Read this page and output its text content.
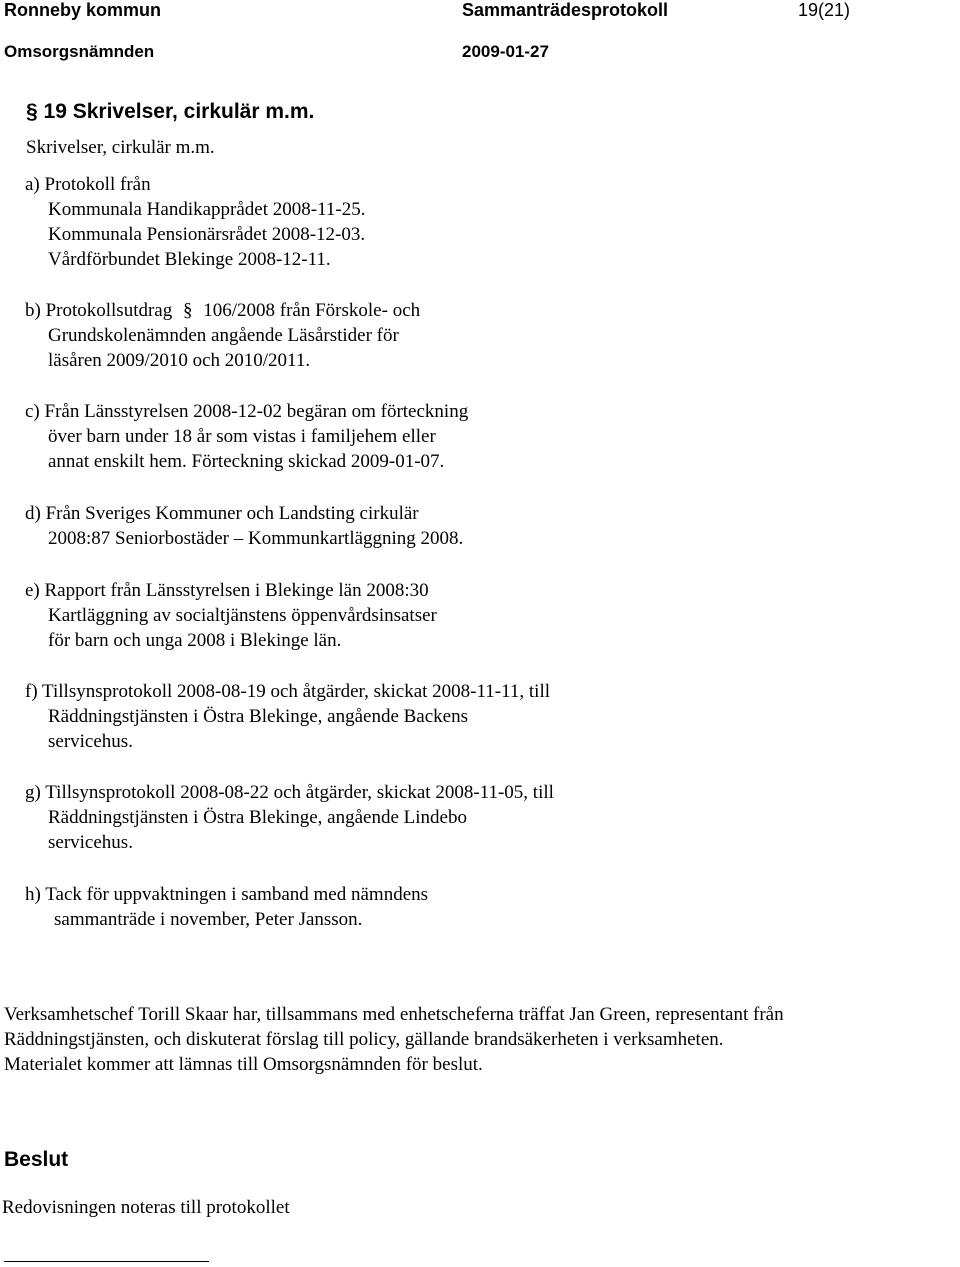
Ronneby kommun	Sammanträdesprotokoll	19(21)
Omsorgsnämnden	2009-01-27
§ 19 Skrivelser, cirkulär m.m.
Skrivelser, cirkulär m.m.
a) Protokoll från
Kommunala Handikapprådet 2008-11-25.
Kommunala Pensionärsrådet 2008-12-03.
Vårdförbundet Blekinge 2008-12-11.
b) Protokollsutdrag § 106/2008 från Förskole- och
Grundskolenämnden angående Läsårstider för
läsåren 2009/2010 och 2010/2011.
c) Från Länsstyrelsen 2008-12-02 begäran om förteckning
över barn under 18 år som vistas i familjehem eller
annat enskilt hem. Förteckning skickad 2009-01-07.
d) Från Sveriges Kommuner och Landsting cirkulär
2008:87 Seniorbostäder – Kommunkartläggning 2008.
e) Rapport från Länsstyrelsen i Blekinge län 2008:30
Kartläggning av socialtjänstens öppenvårdsinsatser
för barn och unga 2008 i Blekinge län.
f) Tillsynsprotokoll 2008-08-19 och åtgärder, skickat 2008-11-11, till
Räddningstjänsten i Östra Blekinge, angående Backens
servicehus.
g) Tillsynsprotokoll 2008-08-22 och åtgärder, skickat 2008-11-05, till
Räddningstjänsten i Östra Blekinge, angående Lindebo
servicehus.
h) Tack för uppvaktningen i samband med nämndens
sammanträde i november, Peter Jansson.
Verksamhetschef Torill Skaar har, tillsammans med enhetscheferna träffat Jan Green, representant från
Räddningstjänsten, och diskuterat förslag till policy, gällande brandsäkerheten i verksamheten.
Materialet kommer att lämnas till Omsorgsnämnden för beslut.
Beslut
Redovisningen noteras till protokollet
